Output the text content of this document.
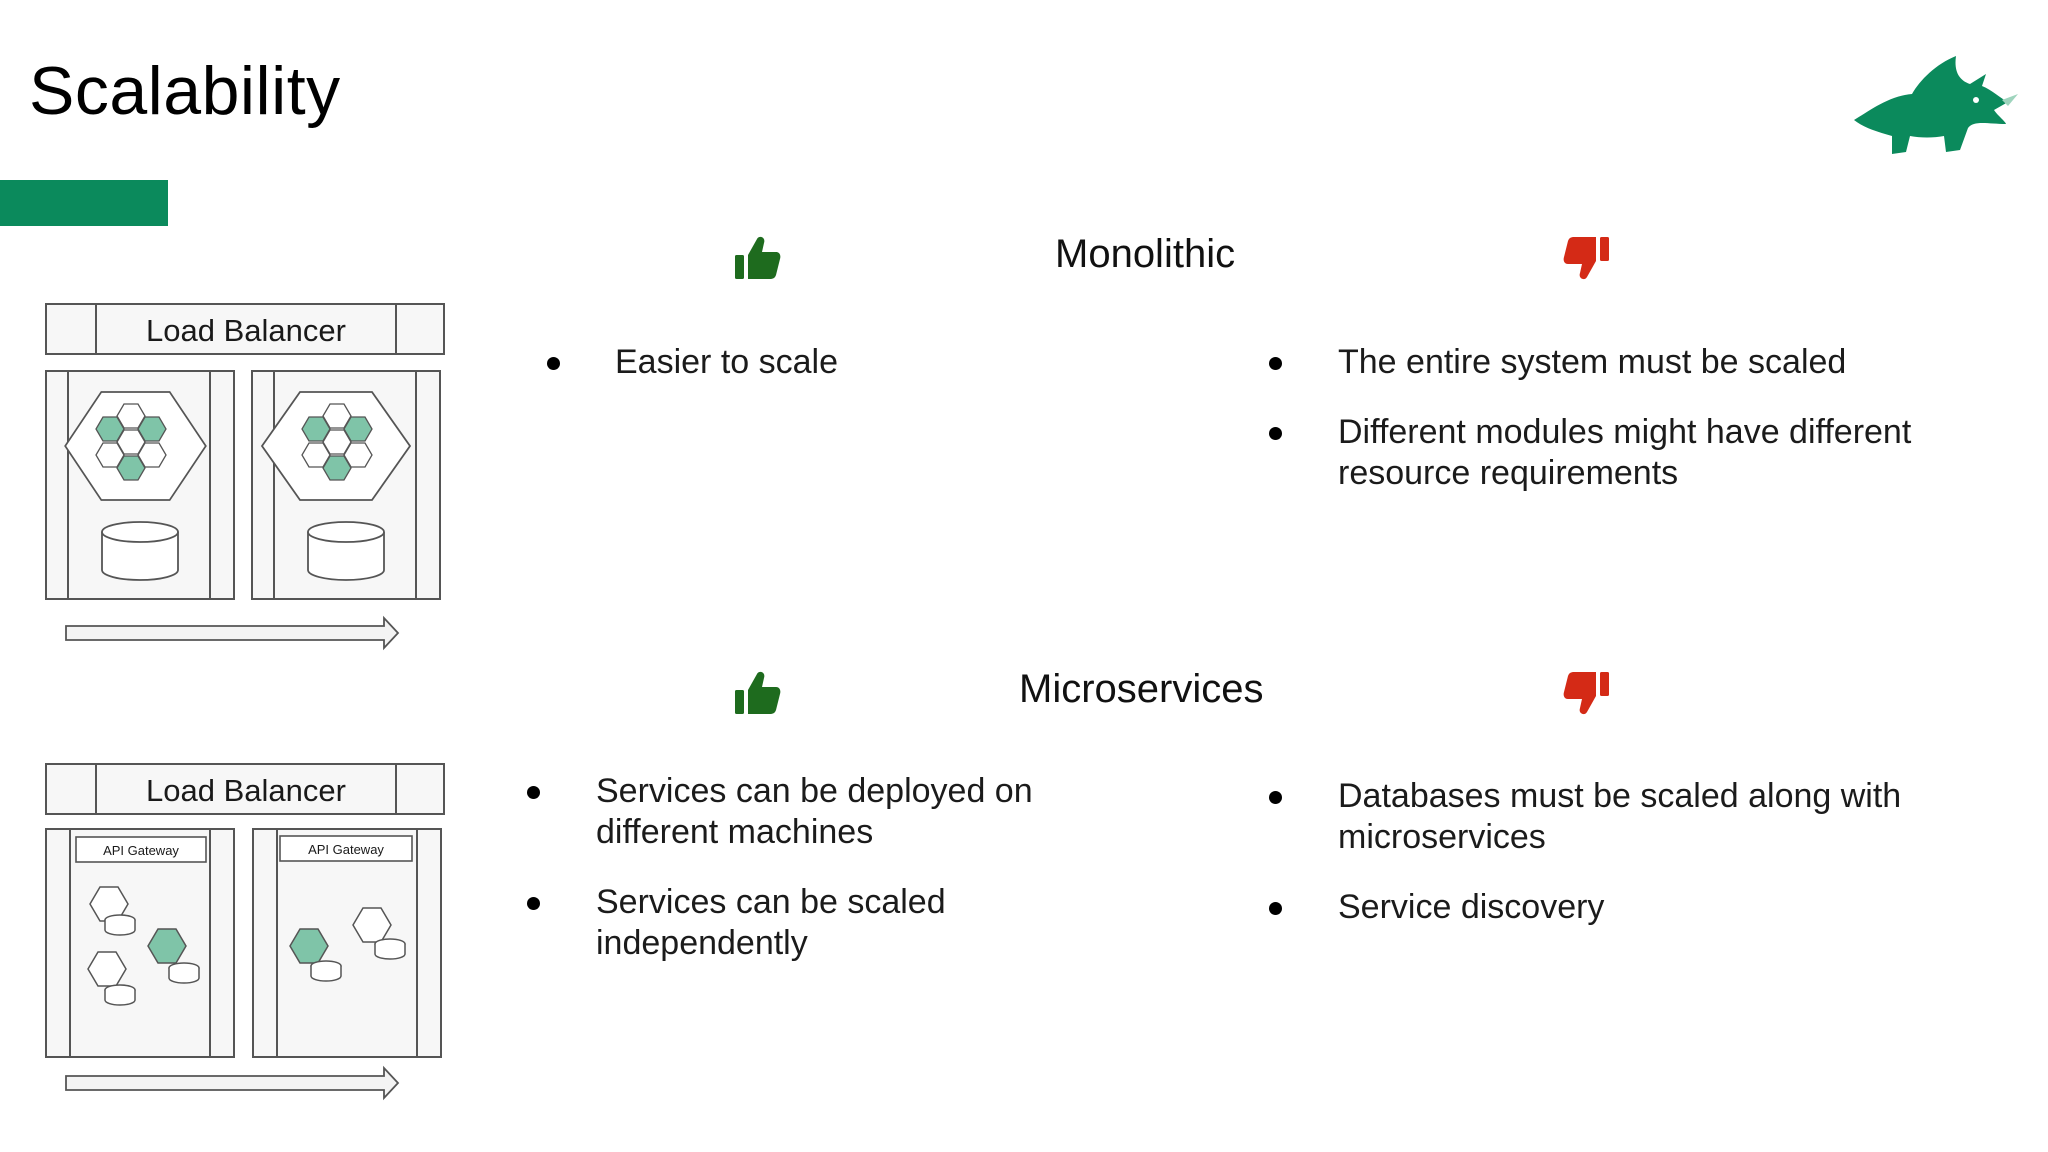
Scalability
Monolithic
Easier to scale	The entire system must be scaled
Different modules might have different resource requirements
Load Balancer
Microservices
Services can be deployed on different machines
Services can be scaled independently
Databases must be scaled along with microservices
Service discovery
Load Balancer
API Gateway	API Gateway
